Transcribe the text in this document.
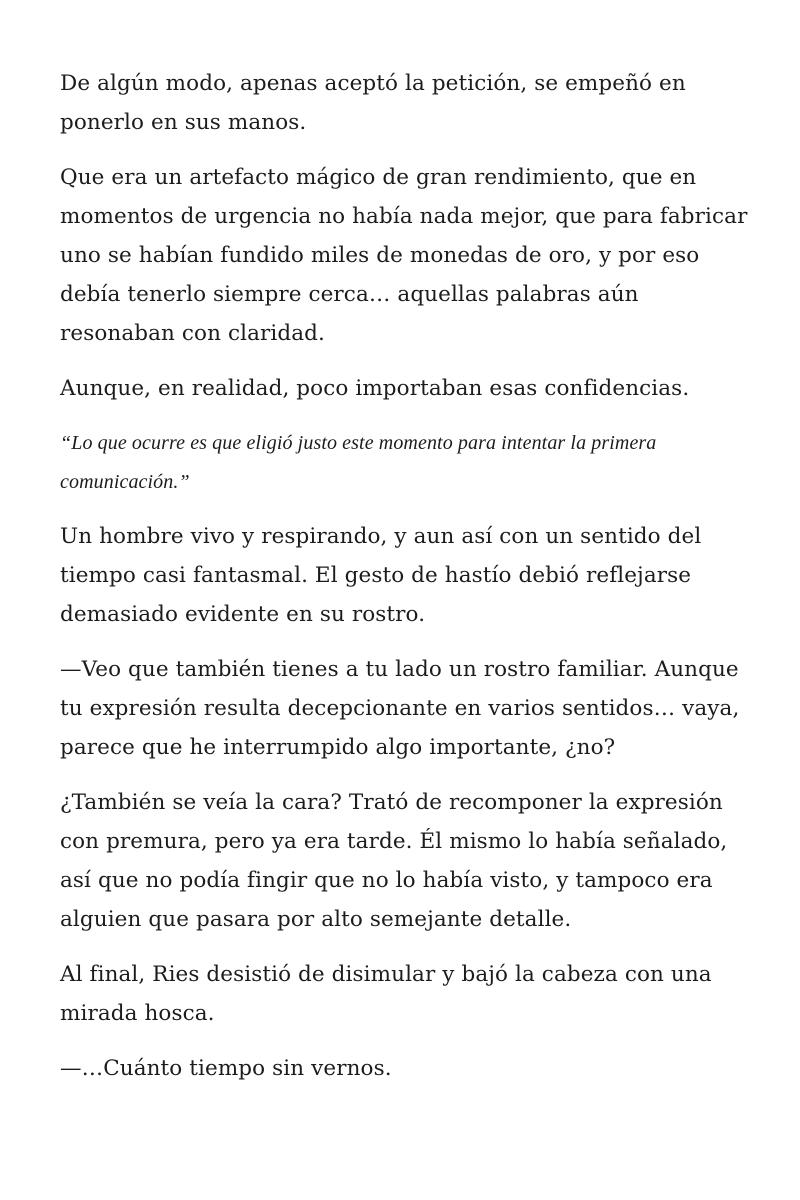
De algún modo, apenas aceptó la petición, se empeñó en ponerlo en sus manos.

Que era un artefacto mágico de gran rendimiento, que en momentos de urgencia no había nada mejor, que para fabricar uno se habían fundido miles de monedas de oro, y por eso debía tenerlo siempre cerca… aquellas palabras aún resonaban con claridad.

Aunque, en realidad, poco importaban esas confidencias.

“Lo que ocurre es que eligió justo este momento para intentar la primera comunicación.”

Un hombre vivo y respirando, y aun así con un sentido del tiempo casi fantasmal. El gesto de hastío debió reflejarse demasiado evidente en su rostro.

—Veo que también tienes a tu lado un rostro familiar. Aunque tu expresión resulta decepcionante en varios sentidos… vaya, parece que he interrumpido algo importante, ¿no?

¿También se veía la cara? Trató de recomponer la expresión con premura, pero ya era tarde. Él mismo lo había señalado, así que no podía fingir que no lo había visto, y tampoco era alguien que pasara por alto semejante detalle.

Al final, Ries desistió de disimular y bajó la cabeza con una mirada hosca.

—…Cuánto tiempo sin vernos.
